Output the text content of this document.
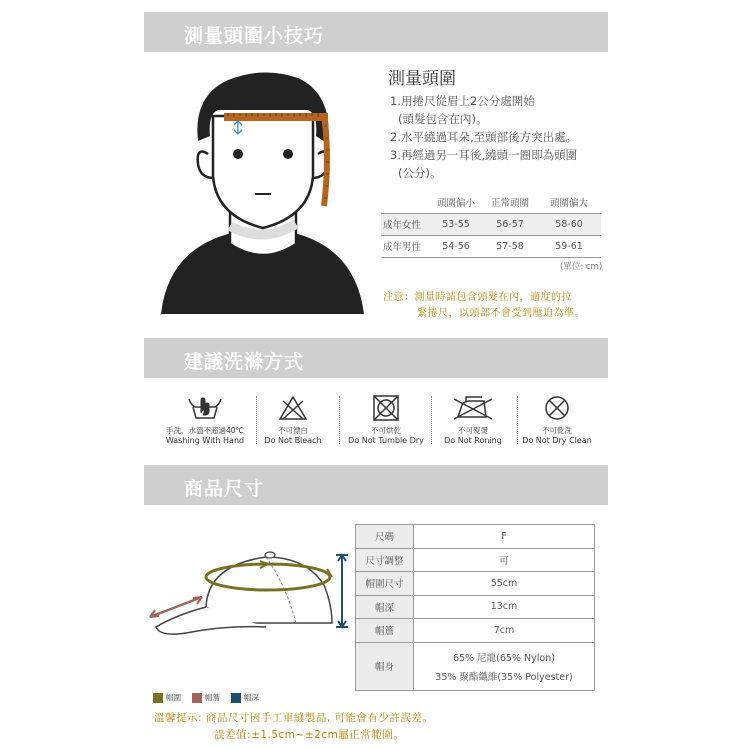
測量頭圍小技巧
測量頭圍
1.用捲尺從眉上2公分處開始
(頭髮包含在內)。
2.水平繞過耳朵,至頭部後方突出處。
3.再經過另一耳後,繞頭一圈即為頭圍
(公分)。
	頭圍偏小	正常頭圍	頭圍偏大
成年女性	53-55	56-57	58-60
成年男性	54-56	57-58	59-61
(單位: cm)
注意：測量時請包含頭髮在內，適度的拉
緊捲尺，以頭部不會受到壓迫為準。
建議洗滌方式
手洗，水溫不超過40℃
Washing With Hand
不可漂白
Do Not Bleach
不可烘乾
Do Not Tumble Dry
不可熨燙
Do Not Roning
不可乾洗
Do Not Dry Clean
商品尺寸
尺碼	F
尺寸調整	可
帽圍尺寸	55cm
帽深	13cm
帽簷	7cm
帽身	65% 尼龍(65% Nylon)
35% 聚酯纖維(35% Polyester)
帽圍	帽簷	帽深
溫馨提示: 商品尺寸因手工車縫製品, 可能會有少許誤差。
誤差值:±1.5cm~±2cm屬正常範圍。
